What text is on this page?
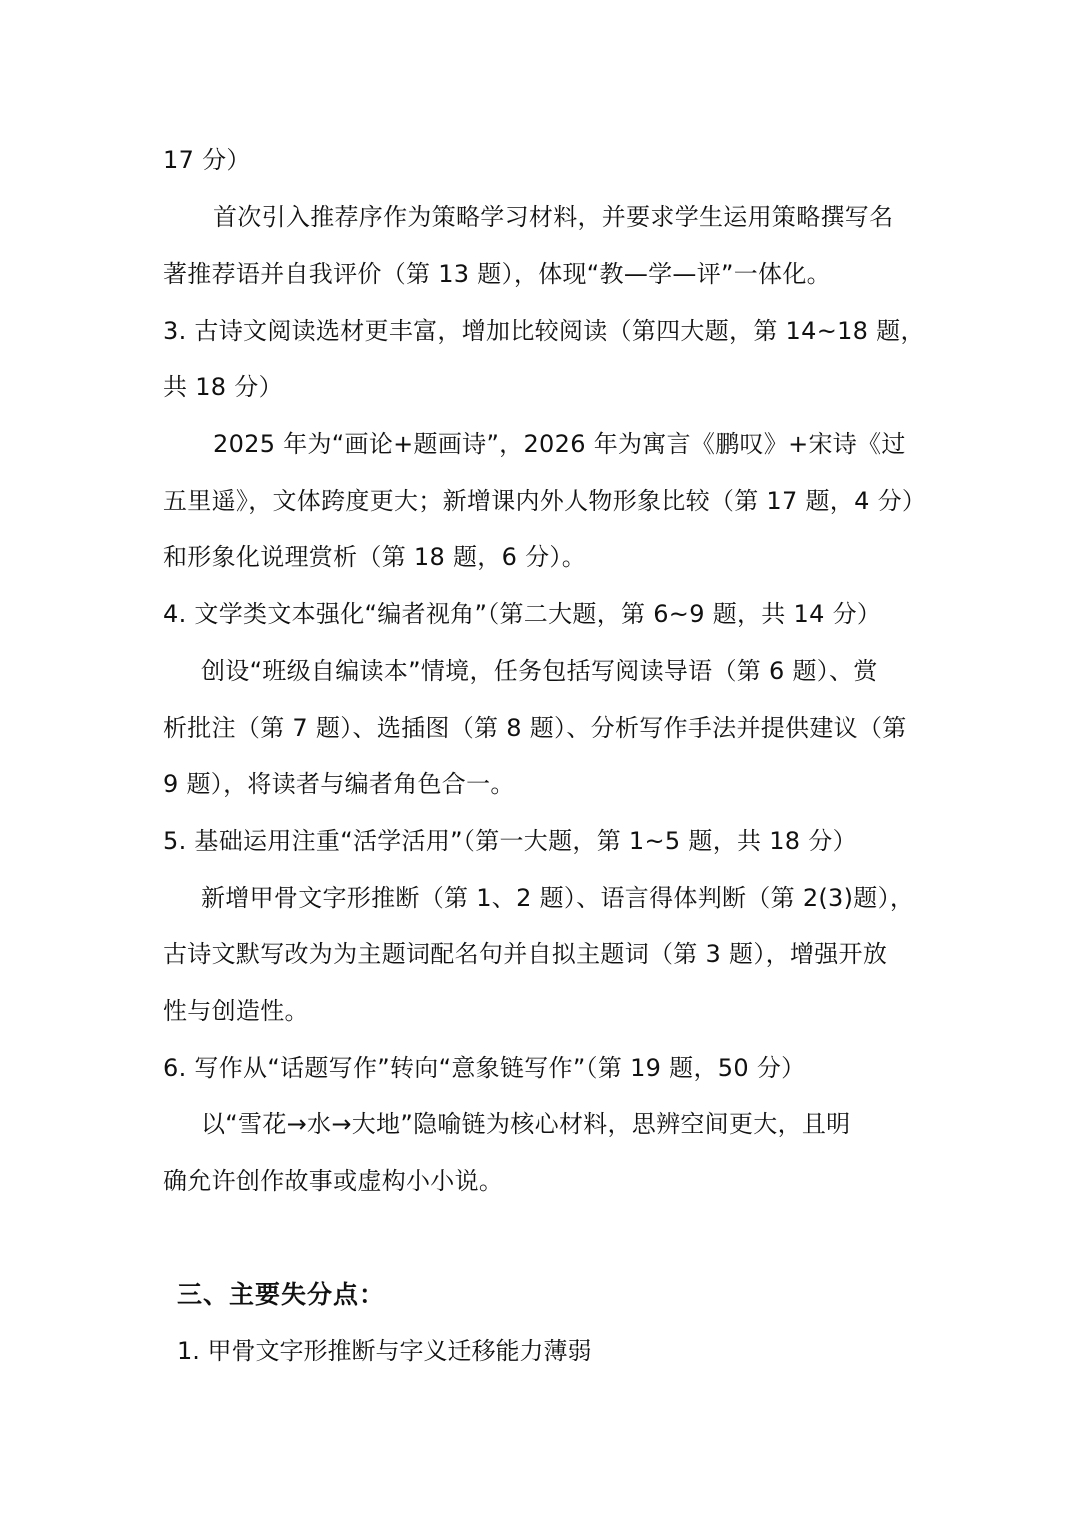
17 分）
首次引入推荐序作为策略学习材料，并要求学生运用策略撰写名
著推荐语并自我评价（第 13 题），体现“教—学—评”一体化。
3. 古诗文阅读选材更丰富，增加比较阅读（第四大题，第 14~18 题，
共 18 分）
2025 年为“画论+题画诗”，2026 年为寓言《鹏叹》+宋诗《过
五里遥》，文体跨度更大；新增课内外人物形象比较（第 17 题，4 分）
和形象化说理赏析（第 18 题，6 分）。
4. 文学类文本强化“编者视角”（第二大题，第 6~9 题，共 14 分）
创设“班级自编读本”情境，任务包括写阅读导语（第 6 题）、赏
析批注（第 7 题）、选插图（第 8 题）、分析写作手法并提供建议（第
9 题），将读者与编者角色合一。
5. 基础运用注重“活学活用”（第一大题，第 1~5 题，共 18 分）
新增甲骨文字形推断（第 1、2 题）、语言得体判断（第 2(3)题），
古诗文默写改为为主题词配名句并自拟主题词（第 3 题），增强开放
性与创造性。
6. 写作从“话题写作”转向“意象链写作”（第 19 题，50 分）
以“雪花→水→大地”隐喻链为核心材料，思辨空间更大，且明
确允许创作故事或虚构小小说。
三、主要失分点：
1. 甲骨文字形推断与字义迁移能力薄弱
